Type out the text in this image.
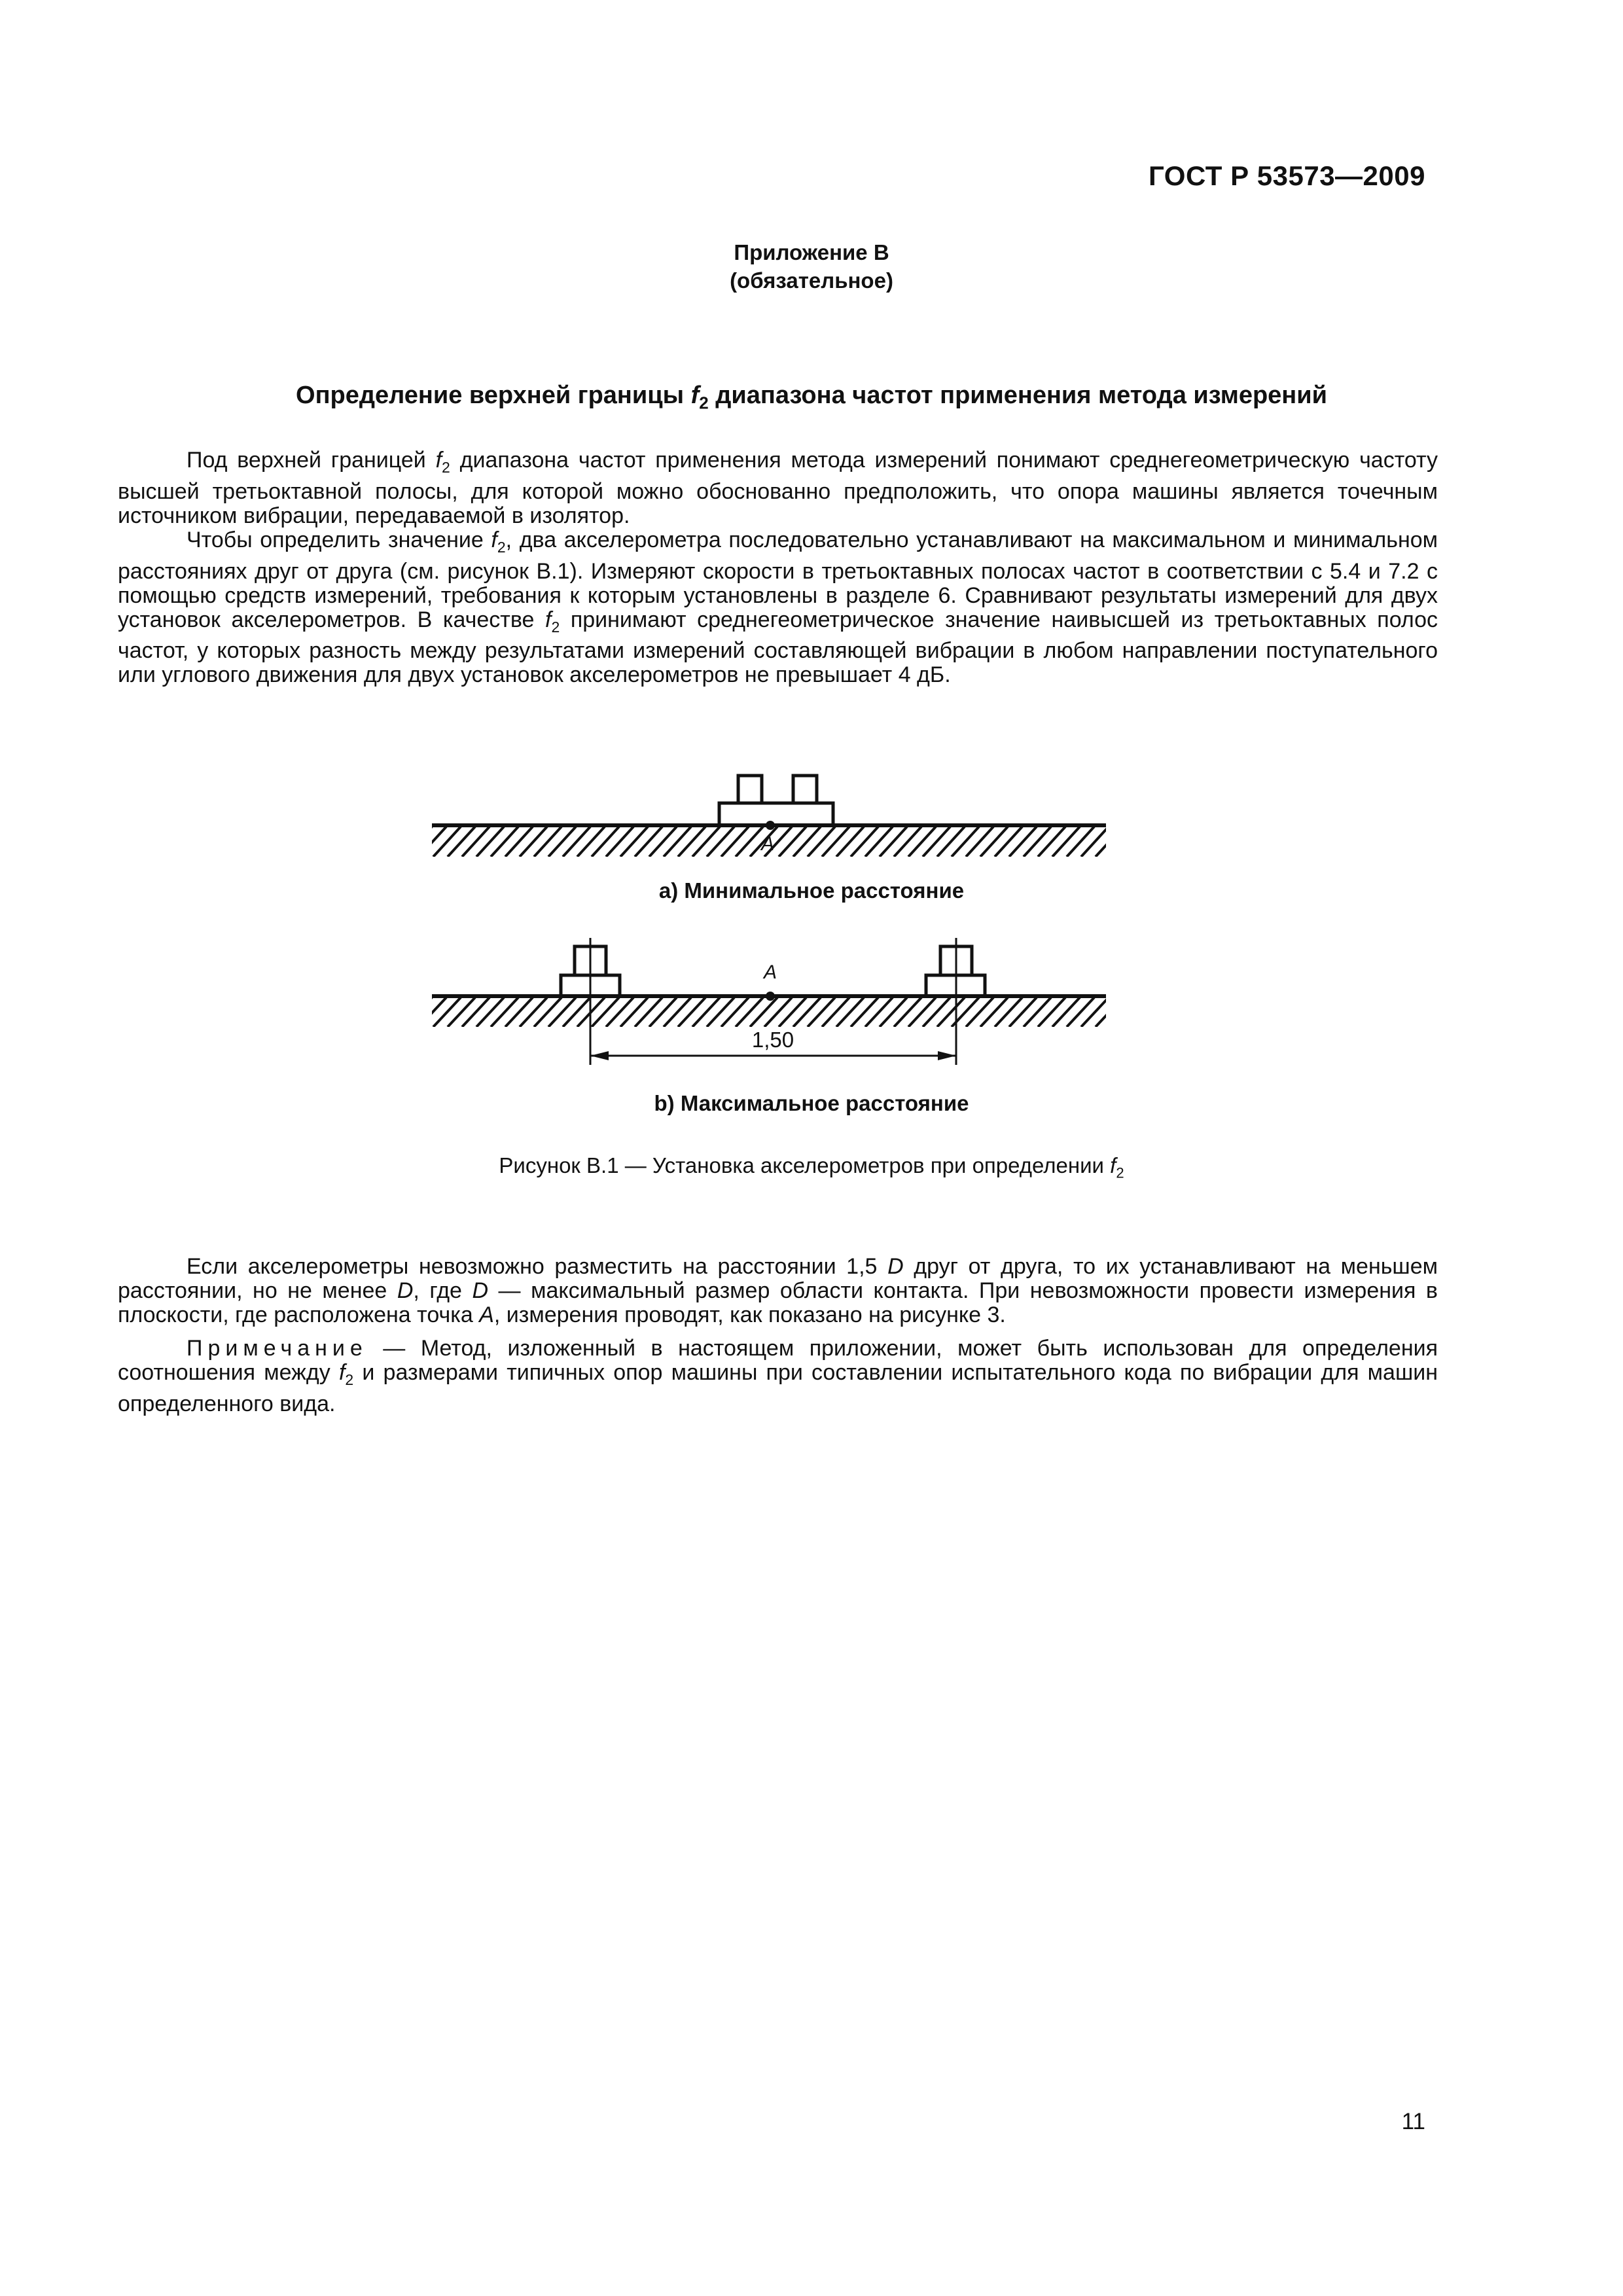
ГОСТ Р 53573—2009
Приложение В
(обязательное)
Определение верхней границы $f_2$ диапазона частот применения метода измерений

Под верхней границей $f_2$ диапазона частот применения метода измерений понимают среднегеометрическую частоту высшей третьоктавной полосы, для которой можно обоснованно предположить, что опора машины является точечным источником вибрации, передаваемой в изолятор.

Чтобы определить значение $f_2$, два акселерометра последовательно устанавливают на максимальном и минимальном расстояниях друг от друга (см. рисунок В.1). Измеряют скорости в третьоктавных полосах частот в соответствии с 5.4 и 7.2 с помощью средств измерений, требования к которым установлены в разделе 6. Сравнивают результаты измерений для двух установок акселерометров. В качестве $f_2$ принимают среднегеометрическое значение наивысшей из третьоктавных полос частот, у которых разность между результатами измерений составляющей вибрации в любом направлении поступательного или углового движения для двух установок акселерометров не превышает 4 дБ.

A
A
1,50
а) Минимальное расстояние
b) Максимальное расстояние
Рисунок В.1 — Установка акселерометров при определении $f_2$

Если акселерометры невозможно разместить на расстоянии 1,5 D друг от друга, то их устанавливают на меньшем расстоянии, но не менее D, где D — максимальный размер области контакта. При невозможности провести измерения в плоскости, где расположена точка A, измерения проводят, как показано на рисунке 3.

Примечание — Метод, изложенный в настоящем приложении, может быть использован для определения соотношения между $f_2$ и размерами типичных опор машины при составлении испытательного кода по вибрации для машин определенного вида.

11
